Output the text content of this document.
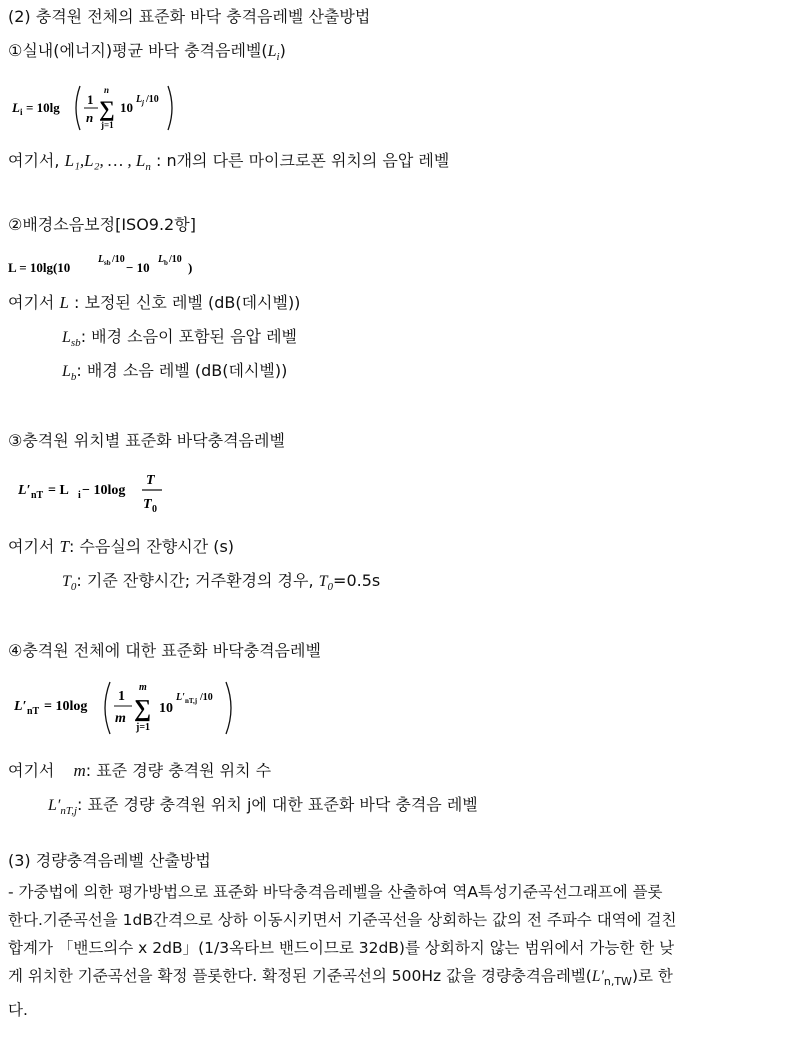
(2) 충격원 전체의 표준화 바닥 충격음레벨 산출방법
①실내(에너지)평균 바닥 충격음레벨$(L_i)$
L i = 10lg
1
n
n
∑
j=1
10
L j /10
여기서, L₁,L₂, … , $L_n$ : n개의 다른 마이크로폰 위치의 음압 레벨
②배경소음보정[ISO9.2항]
L = 10lg(10
L sb /10
− 10
L b /10
)
여기서 L : 보정된 신호 레벨 (dB(데시벨))
$L_{sb}$: 배경 소음이 포함된 음압 레벨
$L_b$: 배경 소음 레벨 (dB(데시벨))
③충격원 위치별 표준화 바닥충격음레벨
L′ nT = L i − 10log
T
T 0
여기서 T: 수음실의 잔향시간 (s)
$T_0$: 기준 잔향시간; 거주환경의 경우, $T_0=0.5s$
④충격원 전체에 대한 표준화 바닥충격음레벨
L′ nT = 10log
1
m
m
∑
j=1
10
L′ nT,j /10
여기서 m: 표준 경량 충격원 위치 수
$L'_{nT,j}$: 표준 경량 충격원 위치 j에 대한 표준화 바닥 충격음 레벨
(3) 경량충격음레벨 산출방법
- 가중법에 의한 평가방법으로 표준화 바닥충격음레벨을 산출하여 역A특성기준곡선그래프에 플롯
한다.기준곡선을 1dB간격으로 상하 이동시키면서 기준곡선을 상회하는 값의 전 주파수 대역에 걸친
합계가 「밴드의수 x 2dB」(1/3옥타브 밴드이므로 32dB)를 상회하지 않는 범위에서 가능한 한 낮
게 위치한 기준곡선을 확정 플롯한다. 확정된 기준곡선의 500Hz 값을 경량충격음레벨$(L'_{n,TW})$로 한
다.
